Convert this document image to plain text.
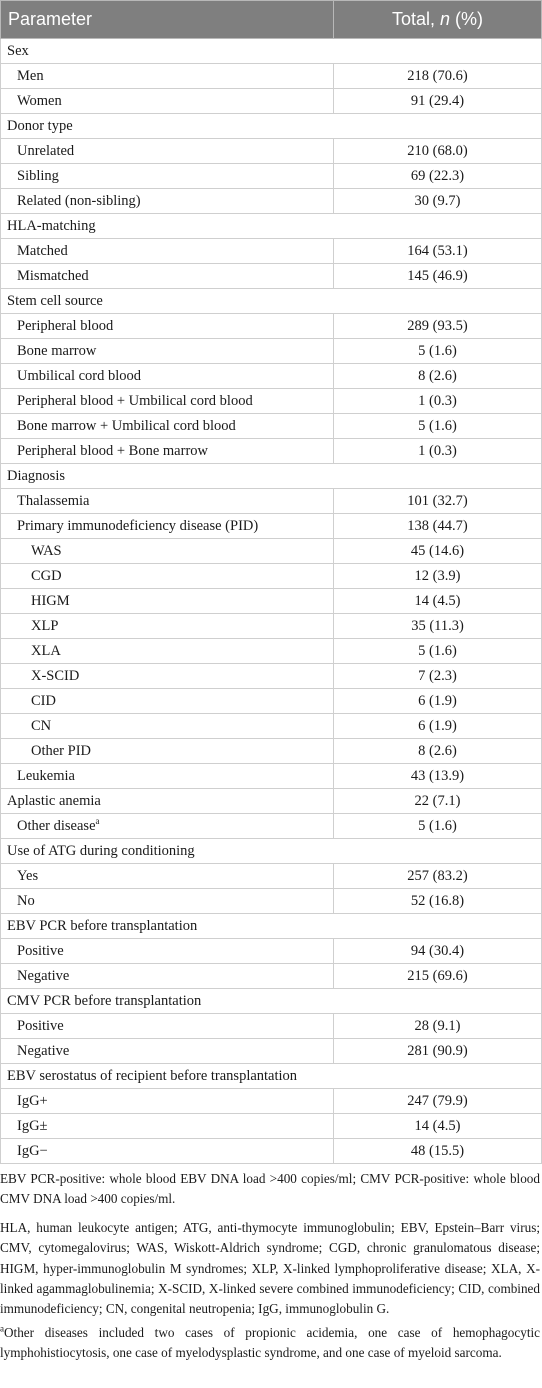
Parameter	Total, n (%)
Sex	
Men	218 (70.6)
Women	91 (29.4)
Donor type	
Unrelated	210 (68.0)
Sibling	69 (22.3)
Related (non-sibling)	30 (9.7)
HLA-matching	
Matched	164 (53.1)
Mismatched	145 (46.9)
Stem cell source	
Peripheral blood	289 (93.5)
Bone marrow	5 (1.6)
Umbilical cord blood	8 (2.6)
Peripheral blood + Umbilical cord blood	1 (0.3)
Bone marrow + Umbilical cord blood	5 (1.6)
Peripheral blood + Bone marrow	1 (0.3)
Diagnosis	
Thalassemia	101 (32.7)
Primary immunodeficiency disease (PID)	138 (44.7)
WAS	45 (14.6)
CGD	12 (3.9)
HIGM	14 (4.5)
XLP	35 (11.3)
XLA	5 (1.6)
X-SCID	7 (2.3)
CID	6 (1.9)
CN	6 (1.9)
Other PID	8 (2.6)
Leukemia	43 (13.9)
Aplastic anemia	22 (7.1)
Other disease$^a$	5 (1.6)
Use of ATG during conditioning	
Yes	257 (83.2)
No	52 (16.8)
EBV PCR before transplantation	
Positive	94 (30.4)
Negative	215 (69.6)
CMV PCR before transplantation	
Positive	28 (9.1)
Negative	281 (90.9)
EBV serostatus of recipient before transplantation	
IgG+	247 (79.9)
IgG±	14 (4.5)
IgG−	48 (15.5)

EBV PCR-positive: whole blood EBV DNA load >400 copies/ml; CMV PCR-positive: whole blood CMV DNA load >400 copies/ml.

HLA, human leukocyte antigen; ATG, anti-thymocyte immunoglobulin; EBV, Epstein–Barr virus; CMV, cytomegalovirus; WAS, Wiskott-Aldrich syndrome; CGD, chronic granulomatous disease; HIGM, hyper-immunoglobulin M syndromes; XLP, X-linked lymphoproliferative disease; XLA, X-linked agammaglobulinemia; X-SCID, X-linked severe combined immunodeficiency; CID, combined immunodeficiency; CN, congenital neutropenia; IgG, immunoglobulin G.

$^a$Other diseases included two cases of propionic acidemia, one case of hemophagocytic lymphohistiocytosis, one case of myelodysplastic syndrome, and one case of myeloid sarcoma.
